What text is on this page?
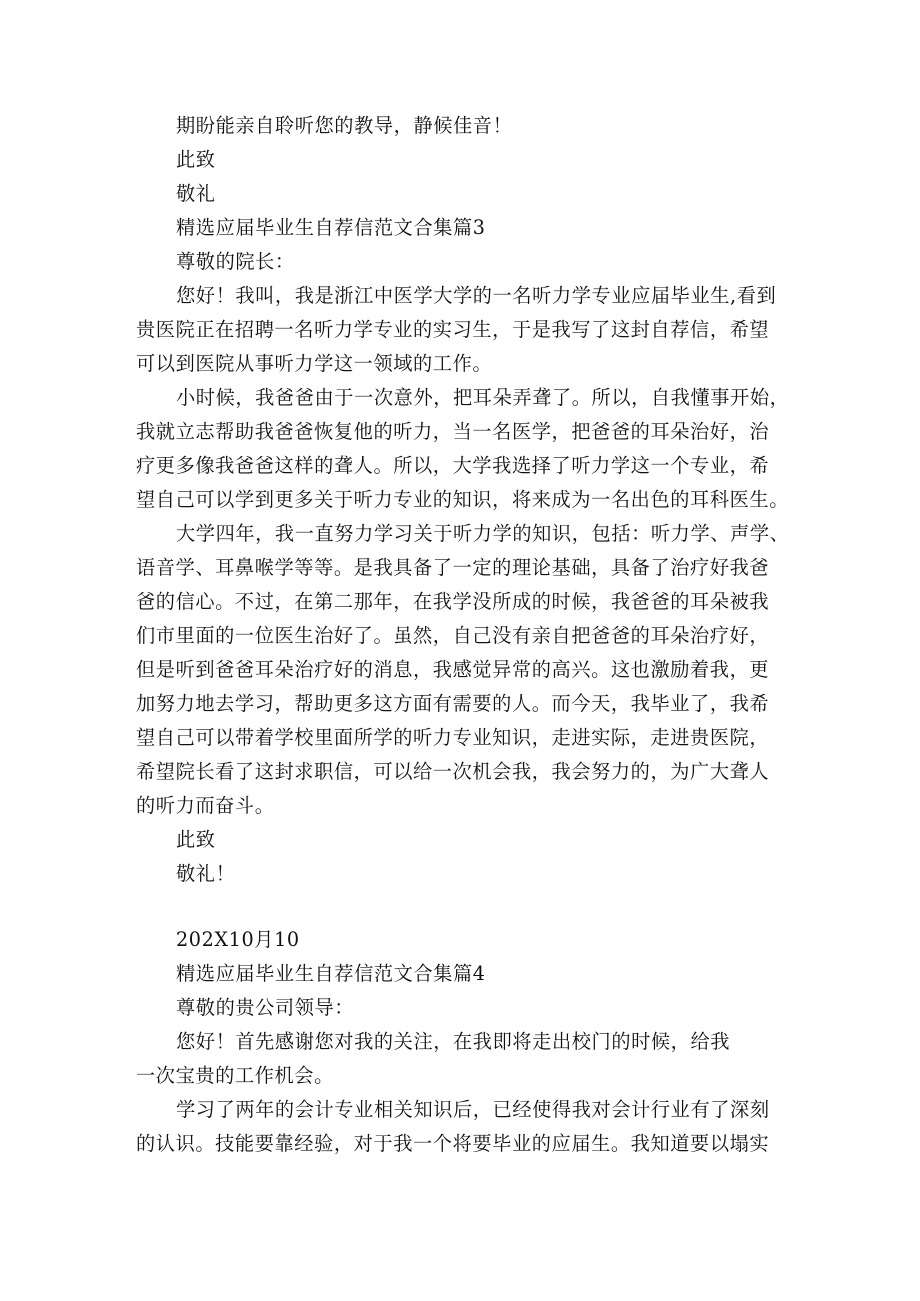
期盼能亲自聆听您的教导，静候佳音！
此致
敬礼
精选应届毕业生自荐信范文合集篇3
尊敬的院长：
您好！我叫，我是浙江中医学大学的一名听力学专业应届毕业生,看到
贵医院正在招聘一名听力学专业的实习生，于是我写了这封自荐信，希望
可以到医院从事听力学这一领域的工作。
小时候，我爸爸由于一次意外，把耳朵弄聋了。所以，自我懂事开始，
我就立志帮助我爸爸恢复他的听力，当一名医学，把爸爸的耳朵治好，治
疗更多像我爸爸这样的聋人。所以，大学我选择了听力学这一个专业，希
望自己可以学到更多关于听力专业的知识，将来成为一名出色的耳科医生。
大学四年，我一直努力学习关于听力学的知识，包括：听力学、声学、
语音学、耳鼻喉学等等。是我具备了一定的理论基础，具备了治疗好我爸
爸的信心。不过，在第二那年，在我学没所成的时候，我爸爸的耳朵被我
们市里面的一位医生治好了。虽然，自己没有亲自把爸爸的耳朵治疗好，
但是听到爸爸耳朵治疗好的消息，我感觉异常的高兴。这也激励着我，更
加努力地去学习，帮助更多这方面有需要的人。而今天，我毕业了，我希
望自己可以带着学校里面所学的听力专业知识，走进实际，走进贵医院，
希望院长看了这封求职信，可以给一次机会我，我会努力的，为广大聋人
的听力而奋斗。
此致
敬礼！
202X10月10
精选应届毕业生自荐信范文合集篇4
尊敬的贵公司领导：
您好！首先感谢您对我的关注，在我即将走出校门的时候，给我
一次宝贵的工作机会。
学习了两年的会计专业相关知识后，已经使得我对会计行业有了深刻
的认识。技能要靠经验，对于我一个将要毕业的应届生。我知道要以塌实
